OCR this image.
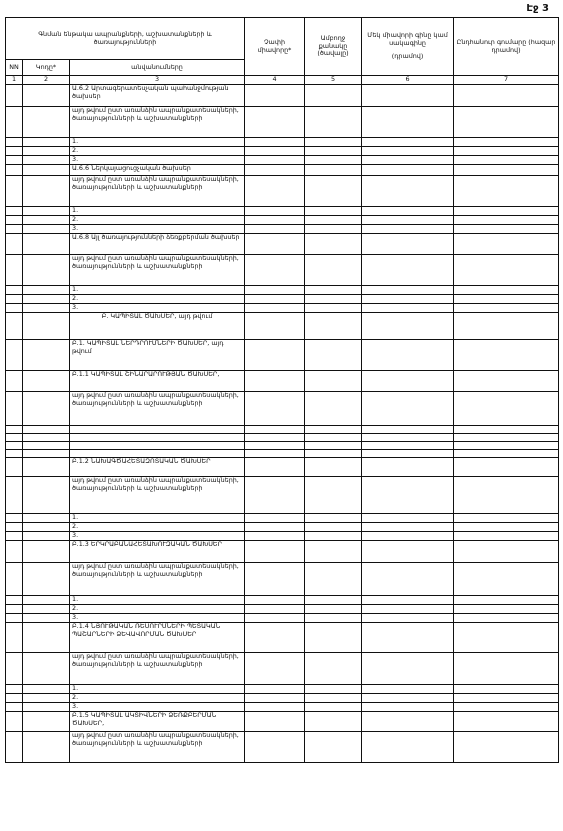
Էջ 3
Գնման ենթակա ապրանքների, աշխատանքների և ծառայությունների			Չափի միավորը*	Ամբողջ քանակը (ծավալը)	Մեկ միավորի գինը կամ սակագինը
(դրամով)	Ընդհանուր գումարը (հազար դրամով)
NN	Կոդը*	անվանումները				
1	2	3	4	5	6	7
		Ա.6.2 Արտագերատեսչական պահանջմության ծախսեր				
		այդ թվում ըստ առանձին ապրանքատեսակների, ծառայությունների և աշխատանքների				
		1.				
		2.				
		3.				
		Ա.6.6 Ներկայացուցչական ծախսեր				
		այդ թվում ըստ առանձին ապրանքատեսակների, ծառայությունների և աշխատանքների				
		1.				
		2.				
		3.				
		Ա.6.8 Այլ ծառայությունների ձեռքբերման ծախսեր				
		այդ թվում ըստ առանձին ապրանքատեսակների, ծառայությունների և աշխատանքների				
		1.				
		2.				
		3.				
		Բ. ԿԱՊԻՏԱԼ ԾԱԽՍԵՐ, այդ թվում				
		Բ.1. ԿԱՊԻՏԱԼ ՆԵՐԴՐՈՒՄՆԵՐԻ ԾԱԽՍԵՐ, այդ թվում				
		Բ.1.1 ԿԱՊԻՏԱԼ ՇԻՆԱՐԱՐՈՒԹՅԱՆ ԾԱԽՍԵՐ,				
		այդ թվում ըստ առանձին ապրանքատեսակների, ծառայությունների և աշխատանքների				

		Բ.1.2 ՆԱԽԱԳԾԱՀԵՏԱԶՈՏԱԿԱՆ ԾԱԽՍԵՐ				
		այդ թվում ըստ առանձին ապրանքատեսակների, ծառայությունների և աշխատանքների				
		1.				
		2.				
		3.				
		Բ.1.3 ԵՐԿՐԱԲԱՆԱՀԵՏԱԽՈՒԶԱԿԱՆ ԾԱԽՍԵՐ				
		այդ թվում ըստ առանձին ապրանքատեսակների, ծառայությունների և աշխատանքների				
		1.				
		2.				
		3.				
		Բ.1.4 ՆՅՈՒԹԱԿԱՆ ՌԵՍՈՒՐՍՆԵՐԻ ՊԵՏԱԿԱՆ ՊԱՇԱՐՆԵՐԻ ՁԵՎԱՎՈՐՄԱՆ ԾԱԽՍԵՐ				
		այդ թվում ըստ առանձին ապրանքատեսակների, ծառայությունների և աշխատանքների				
		1.				
		2.				
		3.				
		Բ.1.5 ԿԱՊԻՏԱԼ ԱԿՏԻՎՆԵՐԻ ՁԵՌՔԲԵՐՄԱՆ ԾԱԽՍԵՐ,				
		այդ թվում ըստ առանձին ապրանքատեսակների, ծառայությունների և աշխատանքների				
